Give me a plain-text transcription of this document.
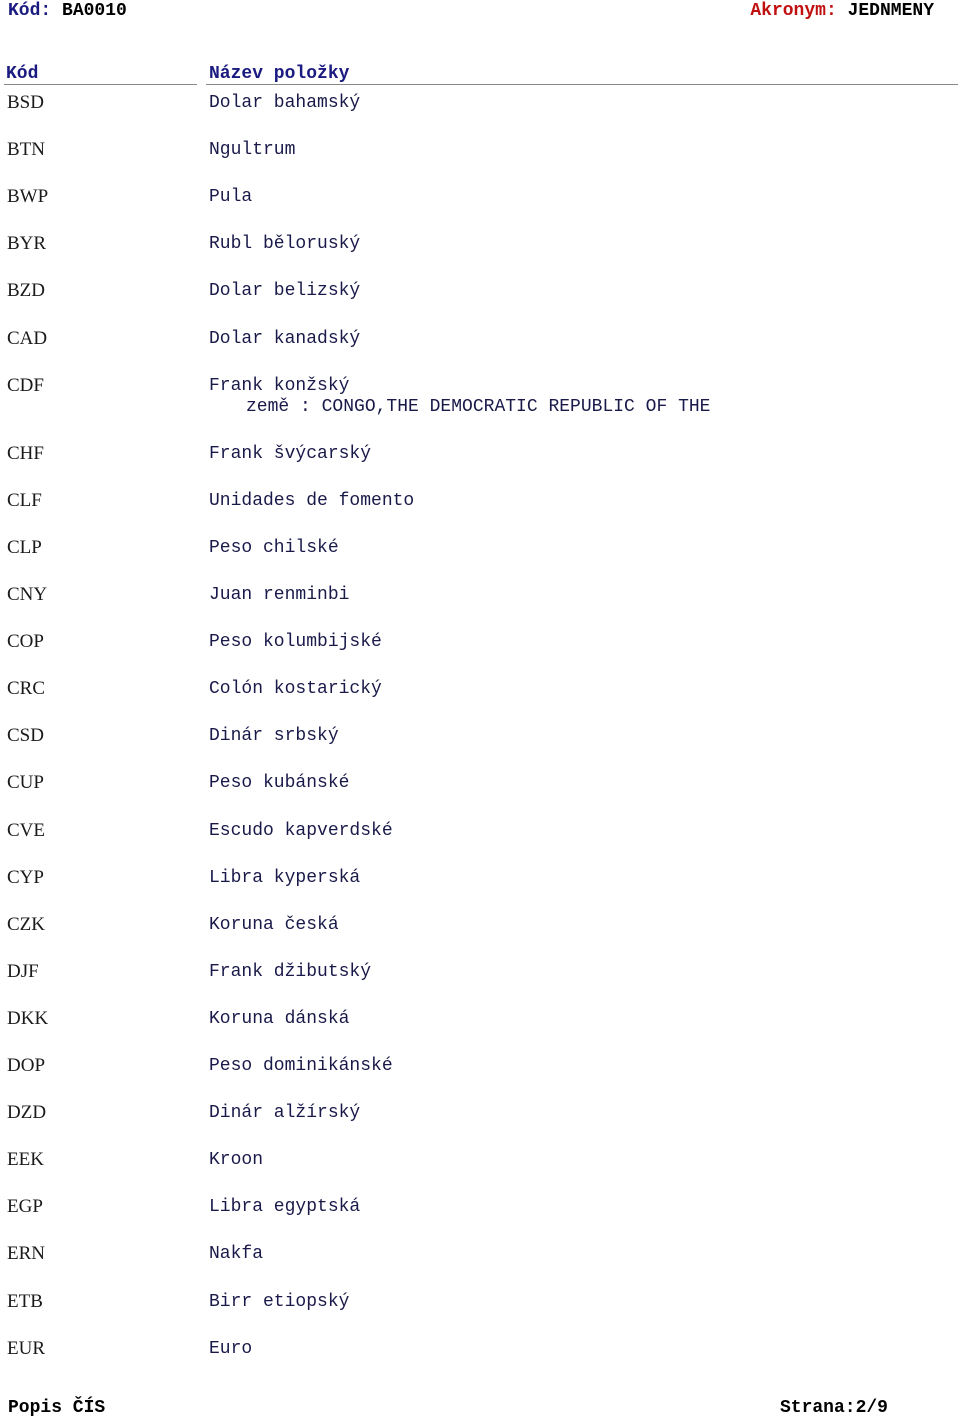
Kód: BA0010	Akronym: JEDNMENY
Kód	Název položky
BSD	Dolar bahamský
BTN	Ngultrum
BWP	Pula
BYR	Rubl běloruský
BZD	Dolar belizský
CAD	Dolar kanadský
CDF	Frank konžský
země : CONGO,THE DEMOCRATIC REPUBLIC OF THE
CHF	Frank švýcarský
CLF	Unidades de fomento
CLP	Peso chilské
CNY	Juan renminbi
COP	Peso kolumbijské
CRC	Colón kostarický
CSD	Dinár srbský
CUP	Peso kubánské
CVE	Escudo kapverdské
CYP	Libra kyperská
CZK	Koruna česká
DJF	Frank džibutský
DKK	Koruna dánská
DOP	Peso dominikánské
DZD	Dinár alžírský
EEK	Kroon
EGP	Libra egyptská
ERN	Nakfa
ETB	Birr etiopský
EUR	Euro
Popis ČÍS	Strana:2/9
